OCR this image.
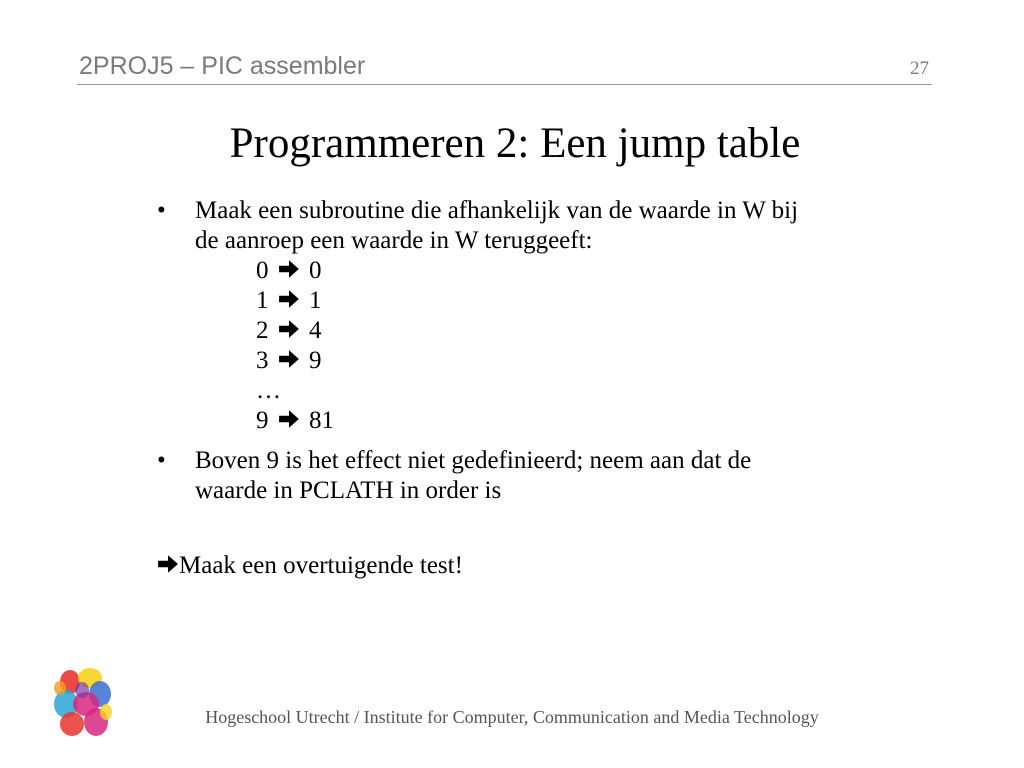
2PROJ5 – PIC assembler	27
Programmeren 2: Een jump table
• Maak een subroutine die afhankelijk van de waarde in W bij
de aanroep een waarde in W teruggeeft:
0 0
1 1
2 4
3 9
…
9 81
• Boven 9 is het effect niet gedefinieerd; neem aan dat de
waarde in PCLATH in order is
Maak een overtuigende test!
Hogeschool Utrecht / Institute for Computer, Communication and Media Technology
